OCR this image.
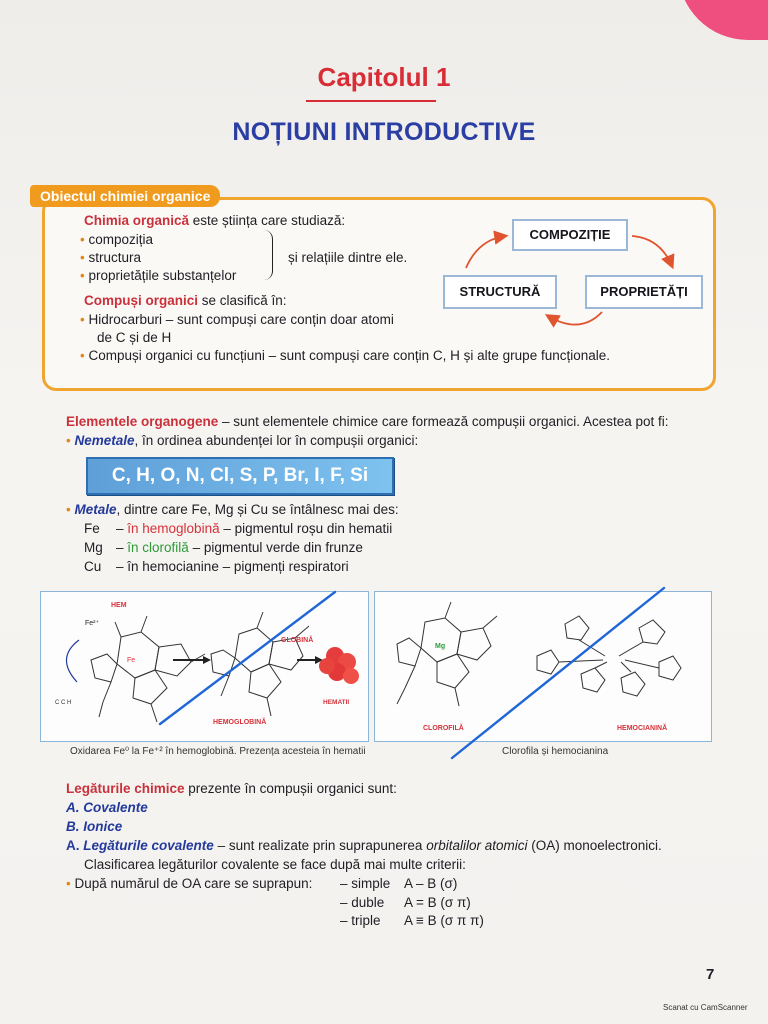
Capitolul 1
NOȚIUNI INTRODUCTIVE
Obiectul chimiei organice
Chimia organică este știința care studiază:
• compoziția
• structura
• proprietățile substanțelor
și relațiile dintre ele.
Compuși organici se clasifică în:
• Hidrocarburi – sunt compuși care conțin doar atomi
de C și de H
• Compuși organici cu funcțiuni – sunt compuși care conțin C, H și alte grupe funcționale.
COMPOZIȚIE
STRUCTURĂ	PROPRIETĂȚI
Elementele organogene – sunt elementele chimice care formează compușii organici. Acestea pot fi:
• Nemetale, în ordinea abundenței lor în compușii organici:
C, H, O, N, Cl, S, P, Br, I, F, Si
• Metale, dintre care Fe, Mg și Cu se întâlnesc mai des:
Fe – în hemoglobină – pigmentul roșu din hematii
Mg – în clorofilă – pigmentul verde din frunze
Cu – în hemocianine – pigmenți respiratori
HEM
Fe²⁺
Fe
C C H
GLOBINĂ
HEMOGLOBINĂ
HEMATII
Mg
CLOROFILĂ	HEMOCIANINĂ
Oxidarea Fe⁰ la Fe⁺² în hemoglobină. Prezența acesteia în hematii	Clorofila și hemocianina
Legăturile chimice prezente în compușii organici sunt:
A. Covalente
B. Ionice
A. Legăturile covalente – sunt realizate prin suprapunerea orbitalilor atomici (OA) monoelectronici.
Clasificarea legăturilor covalente se face după mai multe criterii:
• După numărul de OA care se suprapun: – simple A – B (σ)
– duble A = B (σ π)
– triple A ≡ B (σ π π)
7
Scanat cu CamScanner
